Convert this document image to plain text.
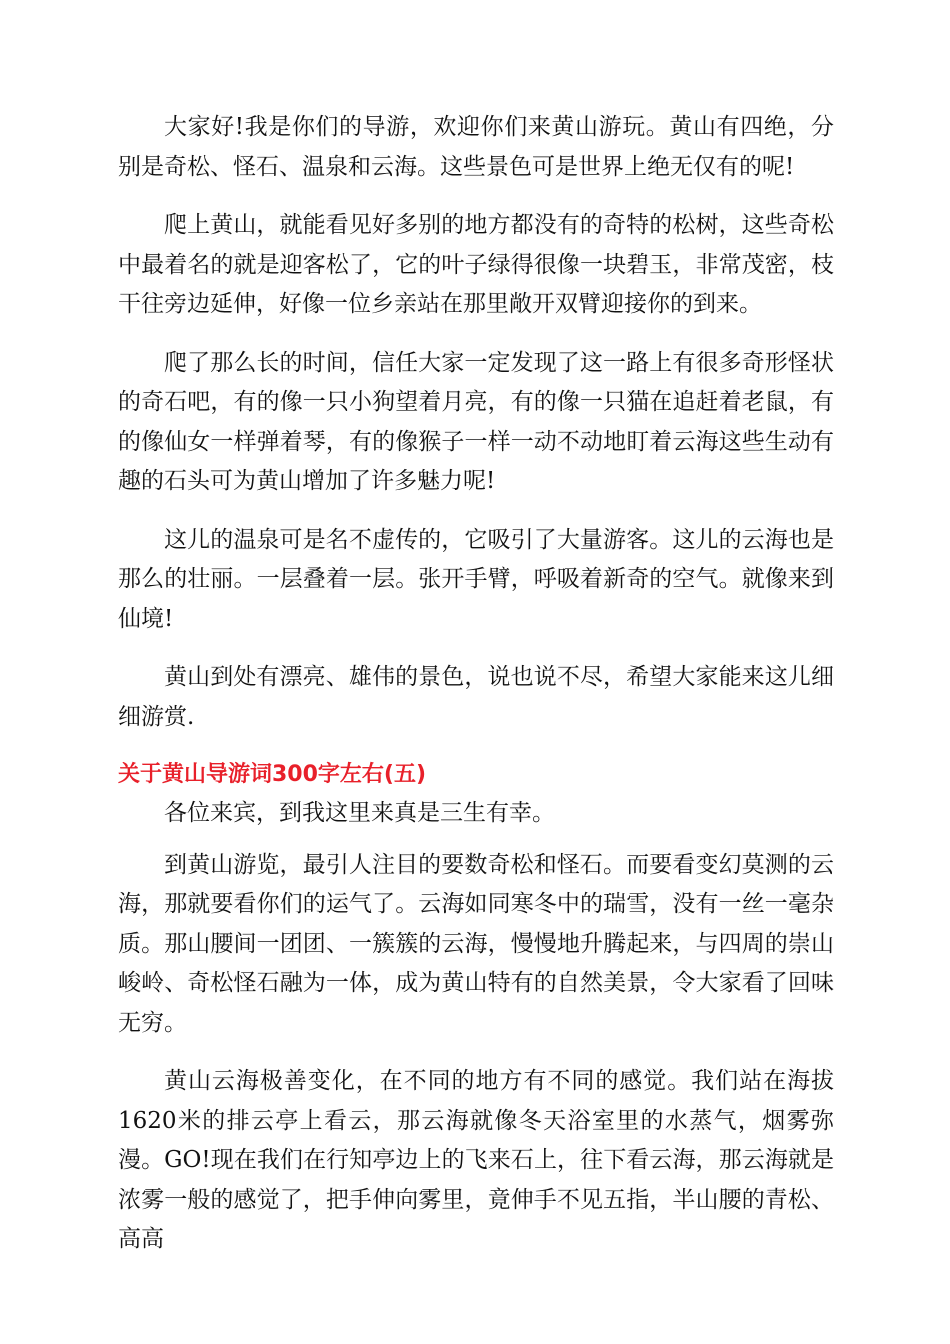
大家好!我是你们的导游，欢迎你们来黄山游玩。黄山有四绝，分别是奇松、怪石、温泉和云海。这些景色可是世界上绝无仅有的呢!

爬上黄山，就能看见好多别的地方都没有的奇特的松树，这些奇松中最着名的就是迎客松了，它的叶子绿得很像一块碧玉，非常茂密，枝干往旁边延伸，好像一位乡亲站在那里敞开双臂迎接你的到来。

爬了那么长的时间，信任大家一定发现了这一路上有很多奇形怪状的奇石吧，有的像一只小狗望着月亮，有的像一只猫在追赶着老鼠，有的像仙女一样弹着琴，有的像猴子一样一动不动地盯着云海这些生动有趣的石头可为黄山增加了许多魅力呢!

这儿的温泉可是名不虚传的，它吸引了大量游客。这儿的云海也是那么的壮丽。一层叠着一层。张开手臂，呼吸着新奇的空气。就像来到仙境!

黄山到处有漂亮、雄伟的景色，说也说不尽，希望大家能来这儿细细游赏.

关于黄山导游词300字左右(五)

各位来宾，到我这里来真是三生有幸。

到黄山游览，最引人注目的要数奇松和怪石。而要看变幻莫测的云海，那就要看你们的运气了。云海如同寒冬中的瑞雪，没有一丝一毫杂质。那山腰间一团团、一簇簇的云海，慢慢地升腾起来，与四周的崇山峻岭、奇松怪石融为一体，成为黄山特有的自然美景，令大家看了回味无穷。

黄山云海极善变化，在不同的地方有不同的感觉。我们站在海拔1620米的排云亭上看云，那云海就像冬天浴室里的水蒸气，烟雾弥漫。GO!现在我们在行知亭边上的飞来石上，往下看云海，那云海就是浓雾一般的感觉了，把手伸向雾里，竟伸手不见五指，半山腰的青松、高高
